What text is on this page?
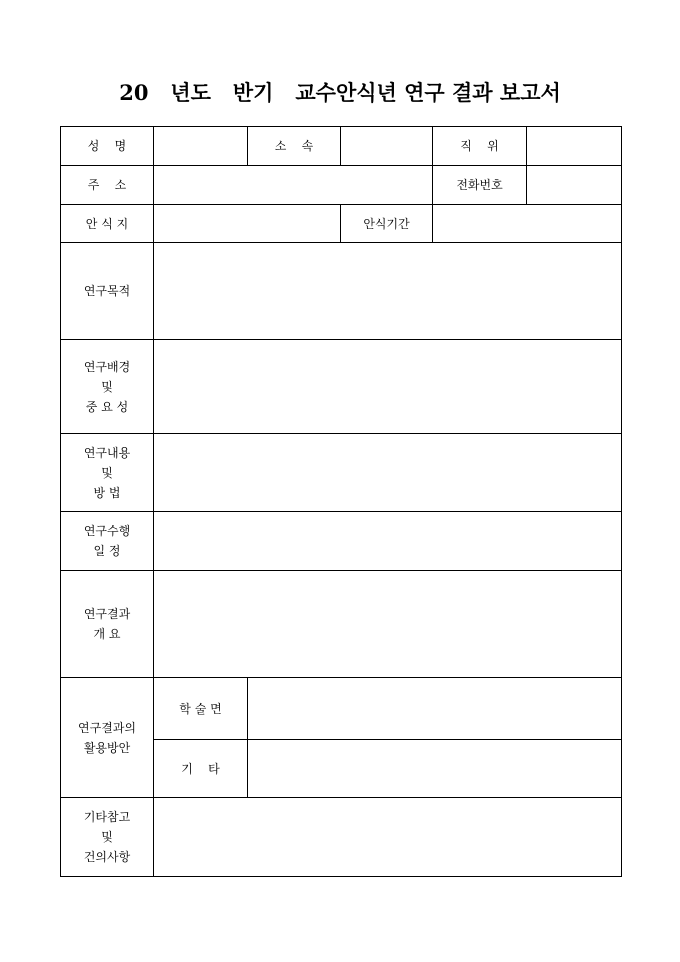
20   년도   반기   교수안식년 연구 결과 보고서
성    명		소    속		직    위	
주    소				전화번호	
안 식 지			안식기간		
연구목적					
연구배경
및
중 요 성					
연구내용
및
방 법					
연구수행
일 정					
연구결과
개 요					
연구결과의
활용방안	학 술 면				
	기    타				
기타참고
및
건의사항					
